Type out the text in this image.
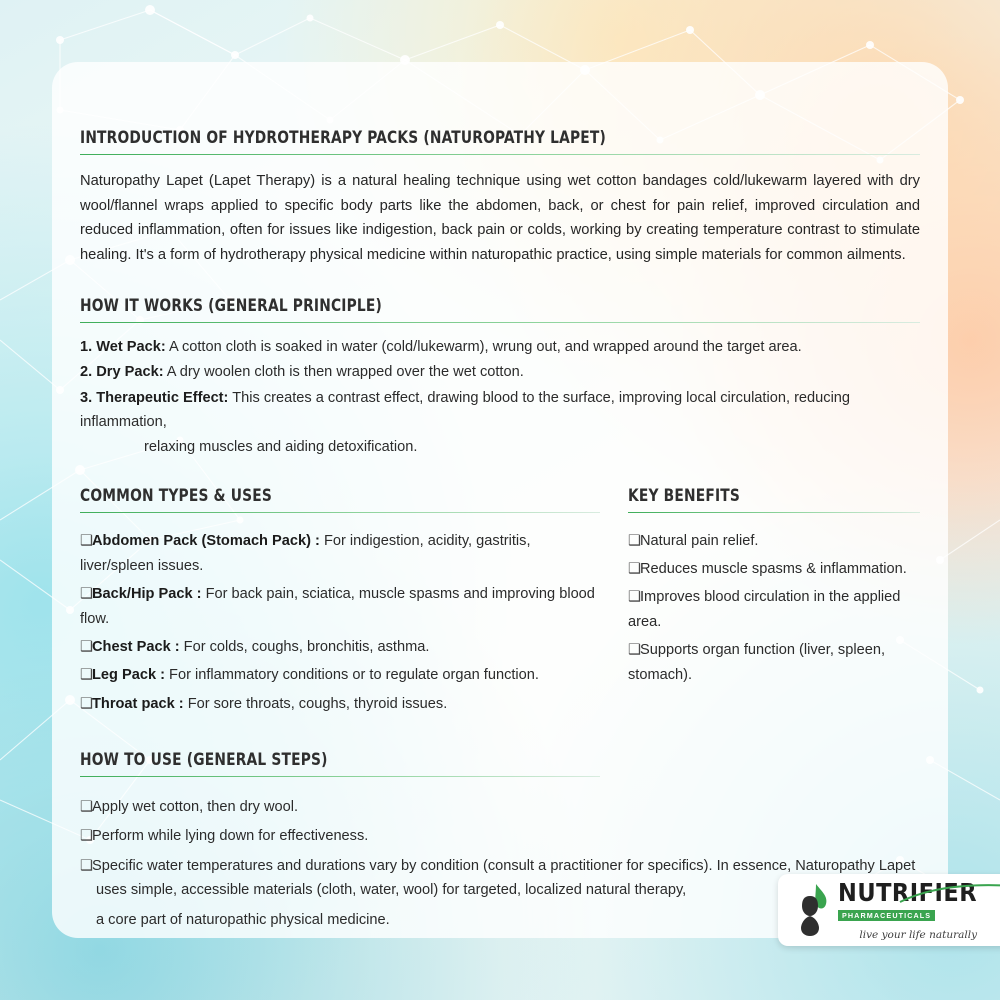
INTRODUCTION OF HYDROTHERAPY PACKS (NATUROPATHY LAPET)

Naturopathy Lapet (Lapet Therapy) is a natural healing technique using wet cotton bandages cold/lukewarm layered with dry wool/flannel wraps applied to specific body parts like the abdomen, back, or chest for pain relief, improved circulation and reduced inflammation, often for issues like indigestion, back pain or colds, working by creating temperature contrast to stimulate healing. It's a form of hydrotherapy physical medicine within naturopathic practice, using simple materials for common ailments.

HOW IT WORKS (GENERAL PRINCIPLE)
1. Wet Pack: A cotton cloth is soaked in water (cold/lukewarm), wrung out, and wrapped around the target area.
2. Dry Pack: A dry woolen cloth is then wrapped over the wet cotton.
3. Therapeutic Effect: This creates a contrast effect, drawing blood to the surface, improving local circulation, reducing inflammation,
relaxing muscles and aiding detoxification.
COMMON TYPES & USES
❑Abdomen Pack (Stomach Pack) : For indigestion, acidity, gastritis, liver/spleen issues.
❑Back/Hip Pack : For back pain, sciatica, muscle spasms and improving blood flow.
❑Chest Pack : For colds, coughs, bronchitis, asthma.
❑Leg Pack : For inflammatory conditions or to regulate organ function.
❑Throat pack : For sore throats, coughs, thyroid issues.
KEY BENEFITS
❑Natural pain relief.
❑Reduces muscle spasms & inflammation.
❑Improves blood circulation in the applied area.
❑Supports organ function (liver, spleen, stomach).
HOW TO USE (GENERAL STEPS)
❑Apply wet cotton, then dry wool.
❑Perform while lying down for effectiveness.
❑Specific water temperatures and durations vary by condition (consult a practitioner for specifics). In essence, Naturopathy Lapet
uses simple, accessible materials (cloth, water, wool) for targeted, localized natural therapy,
a core part of naturopathic physical medicine.
NUTRIFIER
PHARMACEUTICALS
live your life naturally
